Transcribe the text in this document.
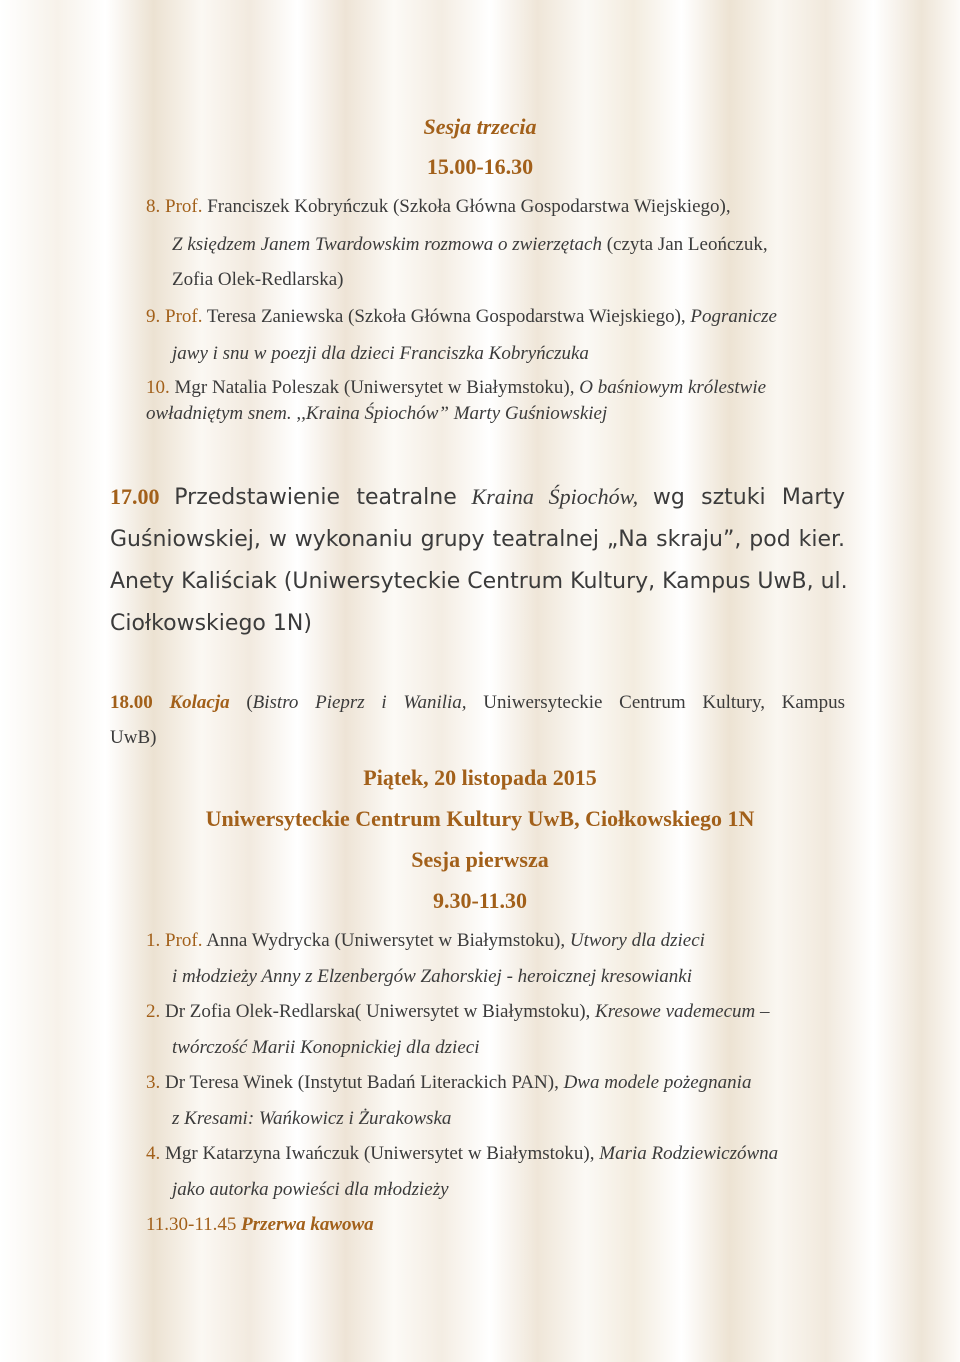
Sesja trzecia
15.00-16.30
8. Prof. Franciszek Kobryńczuk (Szkoła Główna Gospodarstwa Wiejskiego),
Z księdzem Janem Twardowskim rozmowa o zwierzętach (czyta Jan Leończuk,
Zofia Olek-Redlarska)
9. Prof. Teresa Zaniewska (Szkoła Główna Gospodarstwa Wiejskiego), Pogranicze
jawy i snu w poezji dla dzieci Franciszka Kobryńczuka
10. Mgr Natalia Poleszak (Uniwersytet w Białymstoku), O baśniowym królestwie
owładniętym snem. ,,Kraina Śpiochów” Marty Guśniowskiej
17.00 Przedstawienie teatralne Kraina Śpiochów, wg sztuki Marty
Guśniowskiej, w wykonaniu grupy teatralnej „Na skraju”, pod kier.
Anety Kaliściak (Uniwersyteckie Centrum Kultury, Kampus UwB, ul.
Ciołkowskiego 1N)
18.00 Kolacja (Bistro Pieprz i Wanilia, Uniwersyteckie Centrum Kultury, Kampus
UwB)
Piątek, 20 listopada 2015
Uniwersyteckie Centrum Kultury UwB, Ciołkowskiego 1N
Sesja pierwsza
9.30-11.30
1. Prof. Anna Wydrycka (Uniwersytet w Białymstoku), Utwory dla dzieci
i młodzieży Anny z Elzenbergów Zahorskiej - heroicznej kresowianki
2. Dr Zofia Olek-Redlarska( Uniwersytet w Białymstoku), Kresowe vademecum –
twórczość Marii Konopnickiej dla dzieci
3. Dr Teresa Winek (Instytut Badań Literackich PAN), Dwa modele pożegnania
z Kresami: Wańkowicz i Żurakowska
4. Mgr Katarzyna Iwańczuk (Uniwersytet w Białymstoku), Maria Rodziewiczówna
jako autorka powieści dla młodzieży
11.30-11.45 Przerwa kawowa
